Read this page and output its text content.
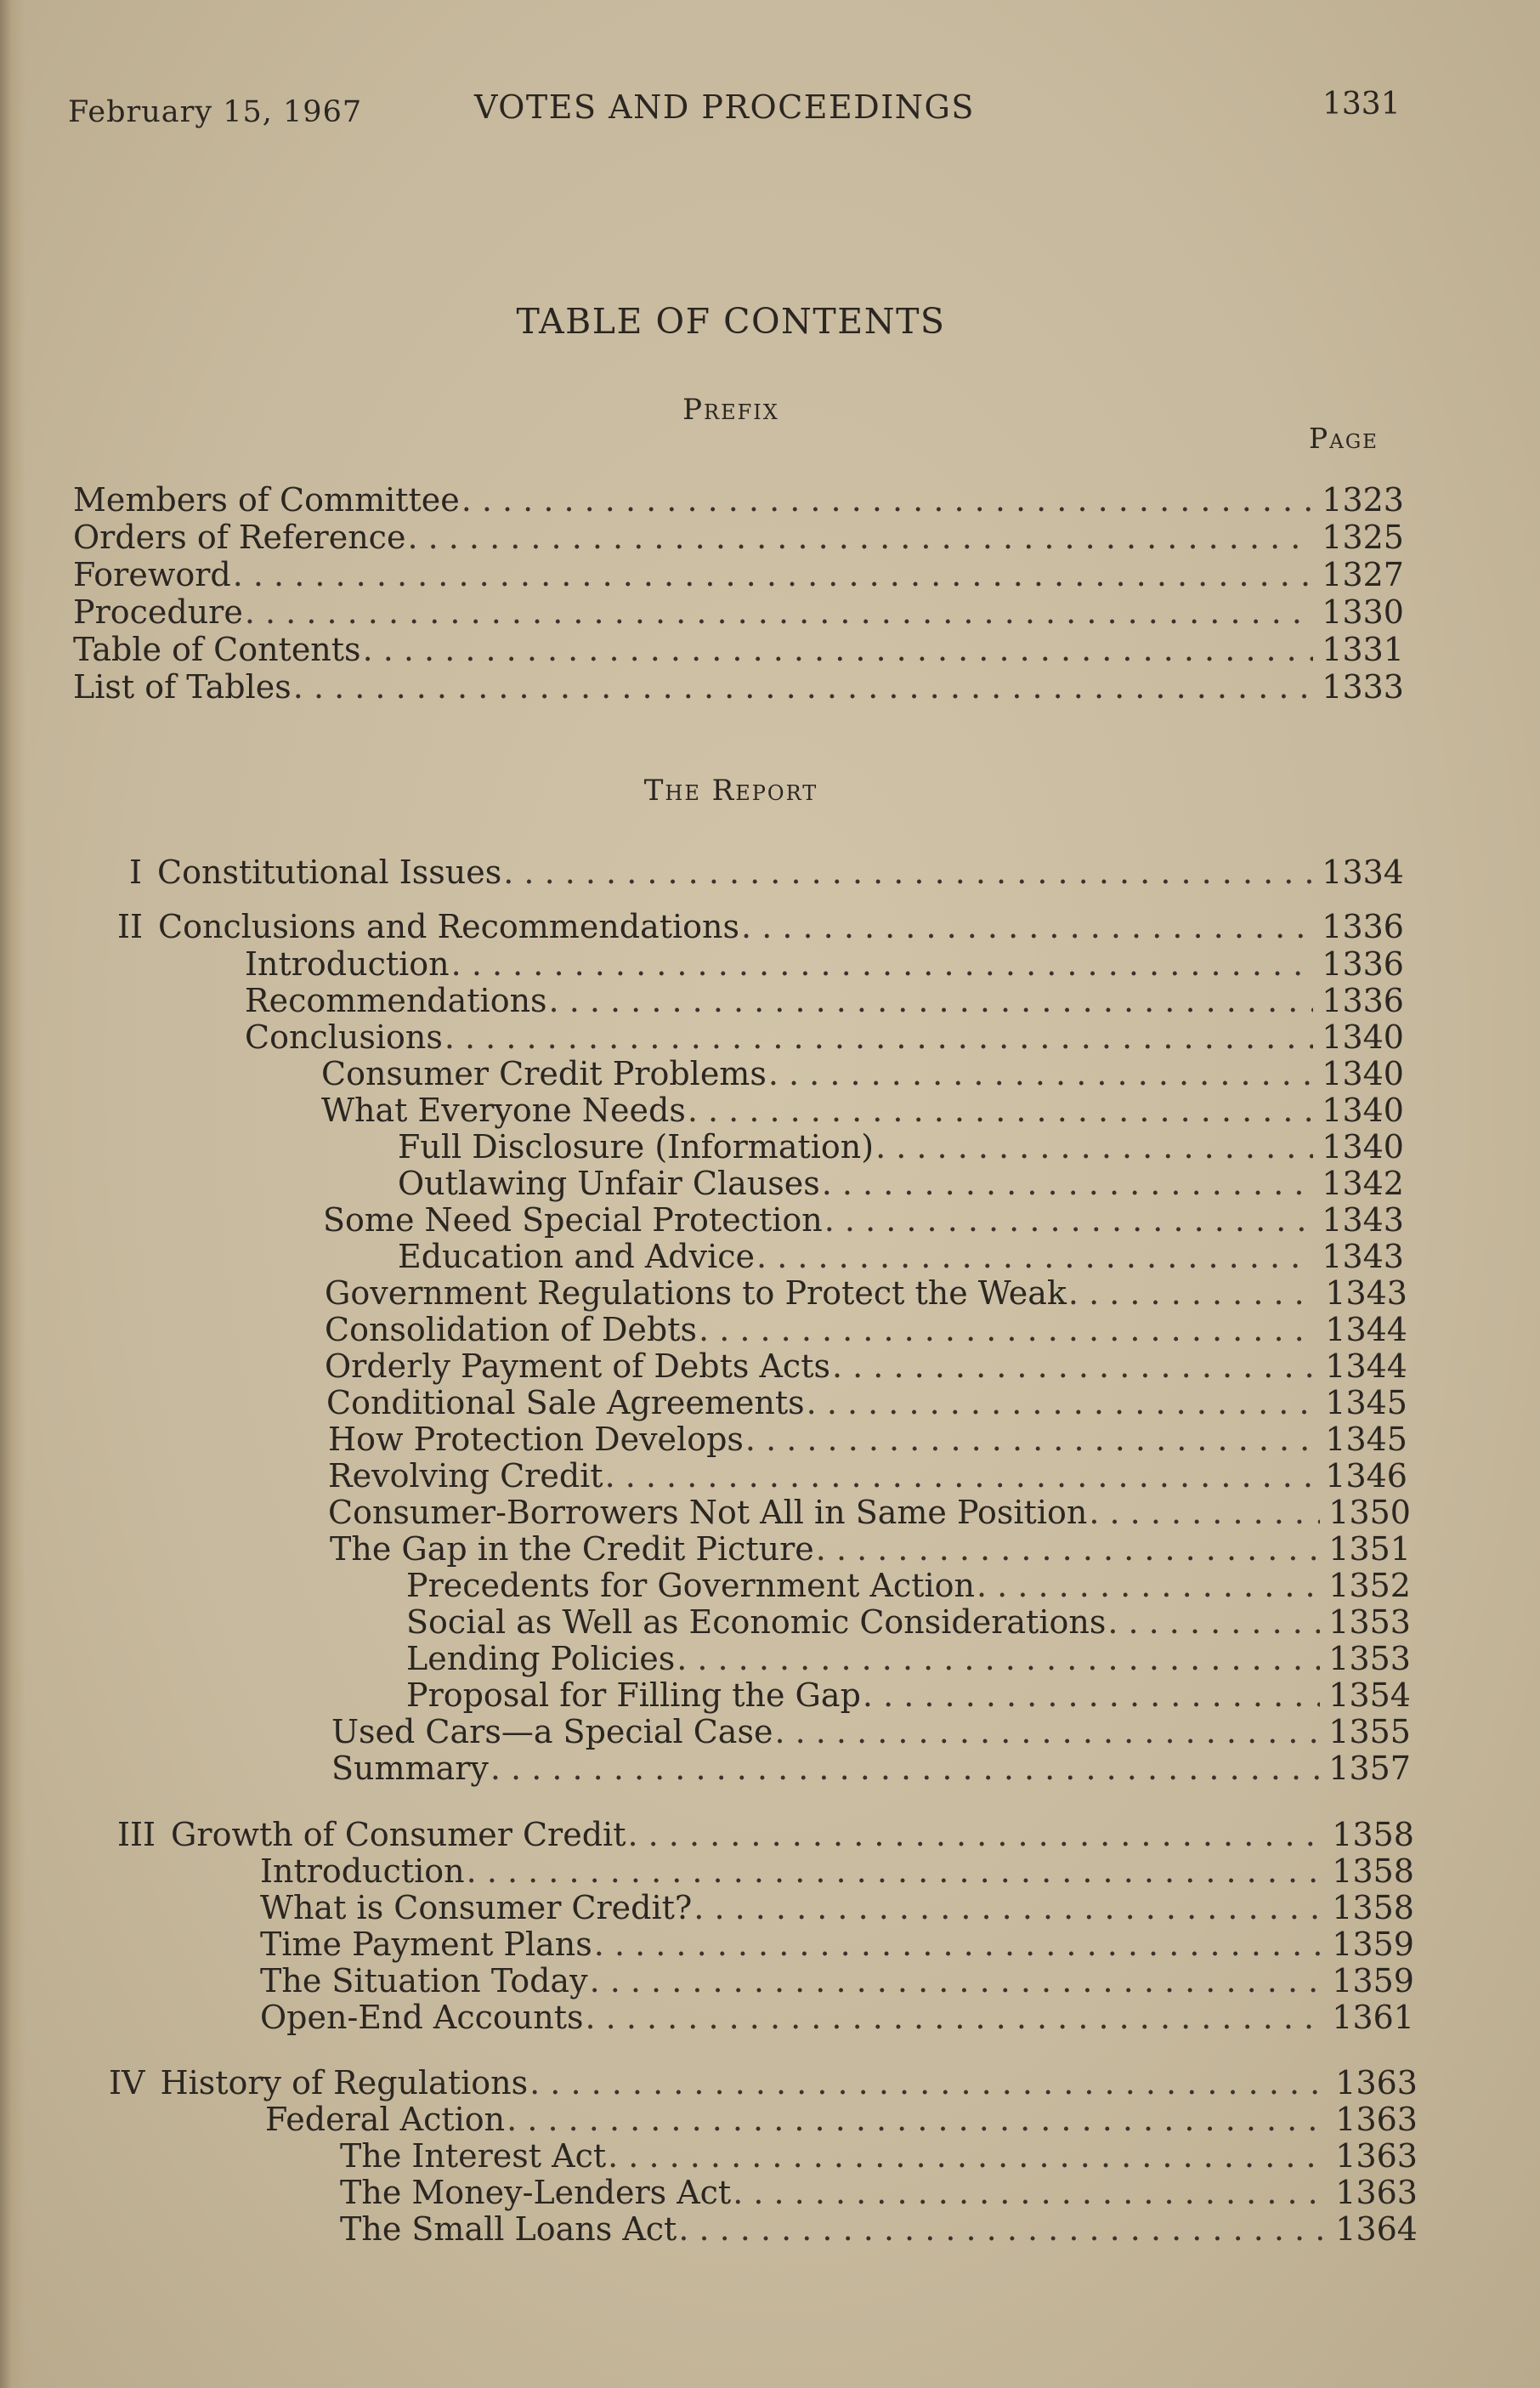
February 15, 1967	VOTES AND PROCEEDINGS	1331
TABLE OF CONTENTS
Prefix
Page
The Report
Members of Committee . . .	1323
Orders of Reference . . .	1325
Foreword . . .	1327
Procedure . . .	1330
Table of Contents . . .	1331
List of Tables . . .	1333
I Constitutional Issues . . .	1334
II Conclusions and Recommendations . . .	1336
Introduction . . .	1336
Recommendations . . .	1336
Conclusions . . .	1340
Consumer Credit Problems . . .	1340
What Everyone Needs . . .	1340
Full Disclosure (Information) . . .	1340
Outlawing Unfair Clauses . . .	1342
Some Need Special Protection . . .	1343
Education and Advice . . .	1343
Government Regulations to Protect the Weak . . .	1343
Consolidation of Debts . . .	1344
Orderly Payment of Debts Acts . . .	1344
Conditional Sale Agreements . . .	1345
How Protection Develops . . .	1345
Revolving Credit . . .	1346
Consumer-Borrowers Not All in Same Position . . .	1350
The Gap in the Credit Picture . . .	1351
Precedents for Government Action . . .	1352
Social as Well as Economic Considerations . . .	1353
Lending Policies . . .	1353
Proposal for Filling the Gap . . .	1354
Used Cars—a Special Case . . .	1355
Summary . . .	1357
III Growth of Consumer Credit . . .	1358
Introduction . . .	1358
What is Consumer Credit? . . .	1358
Time Payment Plans . . .	1359
The Situation Today . . .	1359
Open-End Accounts . . .	1361
IV History of Regulations . . .	1363
Federal Action . . .	1363
The Interest Act . . .	1363
The Money-Lenders Act . . .	1363
The Small Loans Act . . .	1364
